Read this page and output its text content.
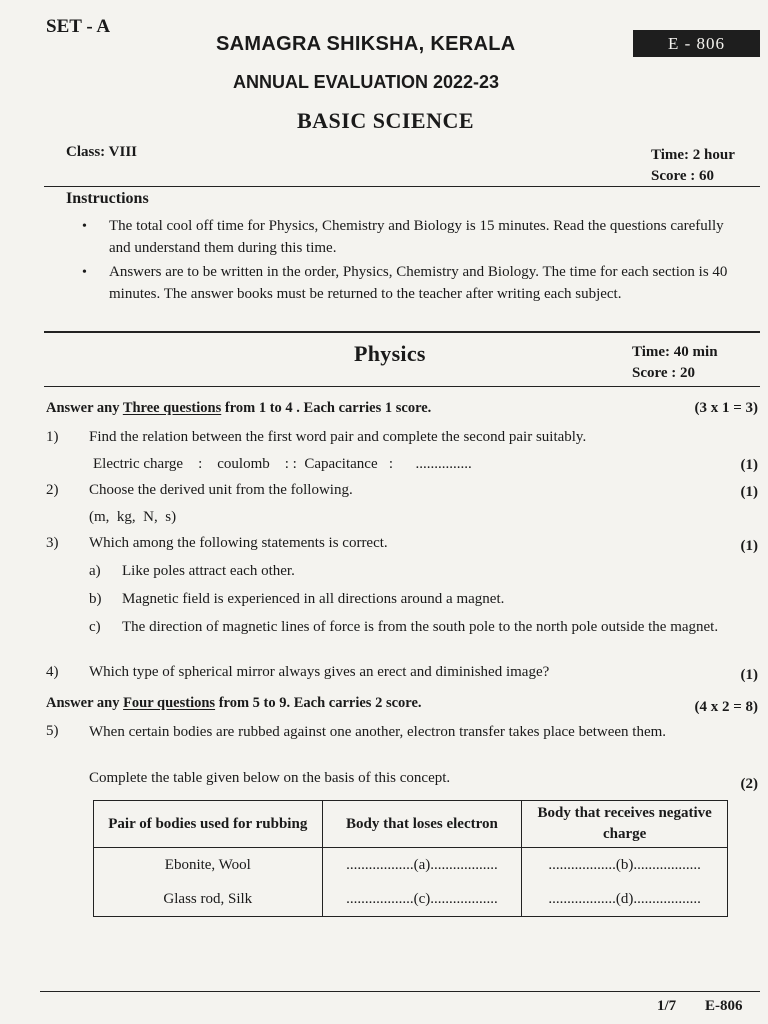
SET - A
SAMAGRA SHIKSHA, KERALA	E - 806
ANNUAL EVALUATION 2022-23
BASIC SCIENCE
Class: VIII	Time: 2 hour
Score : 60
Instructions
• The total cool off time for Physics, Chemistry and Biology is 15 minutes. Read the questions carefully and understand them during this time.
• Answers are to be written in the order, Physics, Chemistry and Biology. The time for each section is 40 minutes. The answer books must be returned to the teacher after writing each subject.
Physics	Time: 40 min
Score : 20
Answer any Three questions from 1 to 4 . Each carries 1 score.	(3 x 1 = 3)
1) Find the relation between the first word pair and complete the second pair suitably.
Electric charge    :    coulomb    : :  Capacitance   :      ...............	(1)
2) Choose the derived unit from the following.	(1)
(m,  kg,  N,  s)
3) Which among the following statements is correct.	(1)
a) Like poles attract each other.
b) Magnetic field is experienced in all directions around a magnet.
c) The direction of magnetic lines of force is from the south pole to the north pole outside the magnet.
4) Which type of spherical mirror always gives an erect and diminished image?	(1)
Answer any Four questions from 5 to 9. Each carries 2 score.	(4 x 2 = 8)
5) When certain bodies are rubbed against one another, electron transfer takes place between them.
Complete the table given below on the basis of this concept.	(2)
Pair of bodies used for rubbing	Body that loses electron	Body that receives negative charge
Ebonite, Wool	..................(a)..................	..................(b)..................
Glass rod, Silk	..................(c)..................	..................(d)..................
1/7 E-806
